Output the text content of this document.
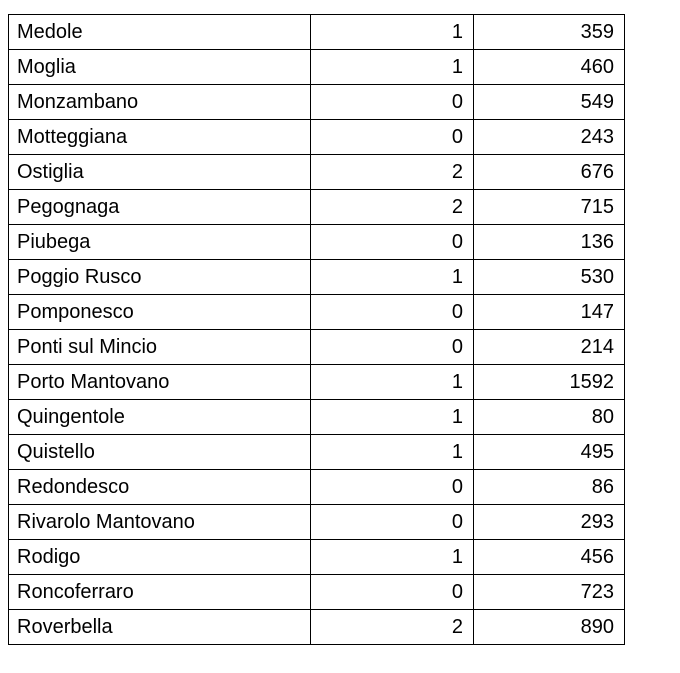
Medole	1	359
Moglia	1	460
Monzambano	0	549
Motteggiana	0	243
Ostiglia	2	676
Pegognaga	2	715
Piubega	0	136
Poggio Rusco	1	530
Pomponesco	0	147
Ponti sul Mincio	0	214
Porto Mantovano	1	1592
Quingentole	1	80
Quistello	1	495
Redondesco	0	86
Rivarolo Mantovano	0	293
Rodigo	1	456
Roncoferraro	0	723
Roverbella	2	890
